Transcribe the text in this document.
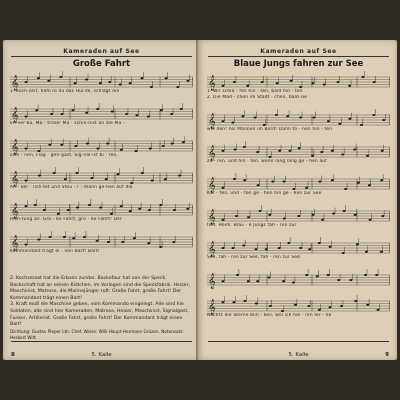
Kameraden auf See
Große Fahrt
𝄞
1. Koch-zeit, höhl ro du das Hui-ze, schlagt die
𝄞
kri-ver-bu, Ma - trose! Ma - schin-nist an die Ma -
𝄞
schi - nen, Flag - gen-gast, Sig-nal-ist bi - ren,
𝄞
An - ker - lich-tet und Steu - r - mann ge-hen auf die
𝄞
Rich-tung an. Gro - ße Fahrt, gro - ße Fahrt! Der
𝄞
Kommandant trägt ei - nen Bart! Bart!

2. Kochsmaat hat die Erbsen zunder. Backefaur hat von der Speck. Backschaft hat an seinen Kistchen, im Vorlegen sind die Speckfabrik. Heizer, Maschinist, Matrose, die Marinejünger ruft: Große Fahrt, große Fahrt! Der Kommandant trägt einen Bart!

3. Kraft muß die Maschine geben, vom Kommando eingelegt. Alle sind hie Soldaten, alle sind hier Kameraden, Matrose, Heizer, Maschinist, Signalgast, Funker, Artillerist. Große Fahrt, große Fahrt! Der Kommandant trägt einen Bart!

Dichtung: Gustav Pieper Ltn. Chef. Weise: Willi Haupt-Hermann Grüzen. Notensatz: Herbert Witt.

8	5. Kalle
Kameraden auf See
Blaue Jungs fahren zur See
𝄞
1. Wir schla - fen hin - ten, bald hin - ten
2. Die Mäd - chen im Städt - chen, bald sie
𝄞
wie den! Als Mannen im Bord! Dann tö - nen hin - ten
𝄞
zu - ren, und hin - ten, wenn lang lang ge - hen auf
𝄞
Kar - ten, und - ten ge - hen hin ge - hen zur See
𝄞
fort. Heim. Blau - e Jungs fah - ren zur
𝄞
See, fah - ren zur See, fah - ren zur See.
𝄞
𝄞
Nachts die Sterne blin - ken, will ich hie - ren fer - ne
5. Kalle	9
